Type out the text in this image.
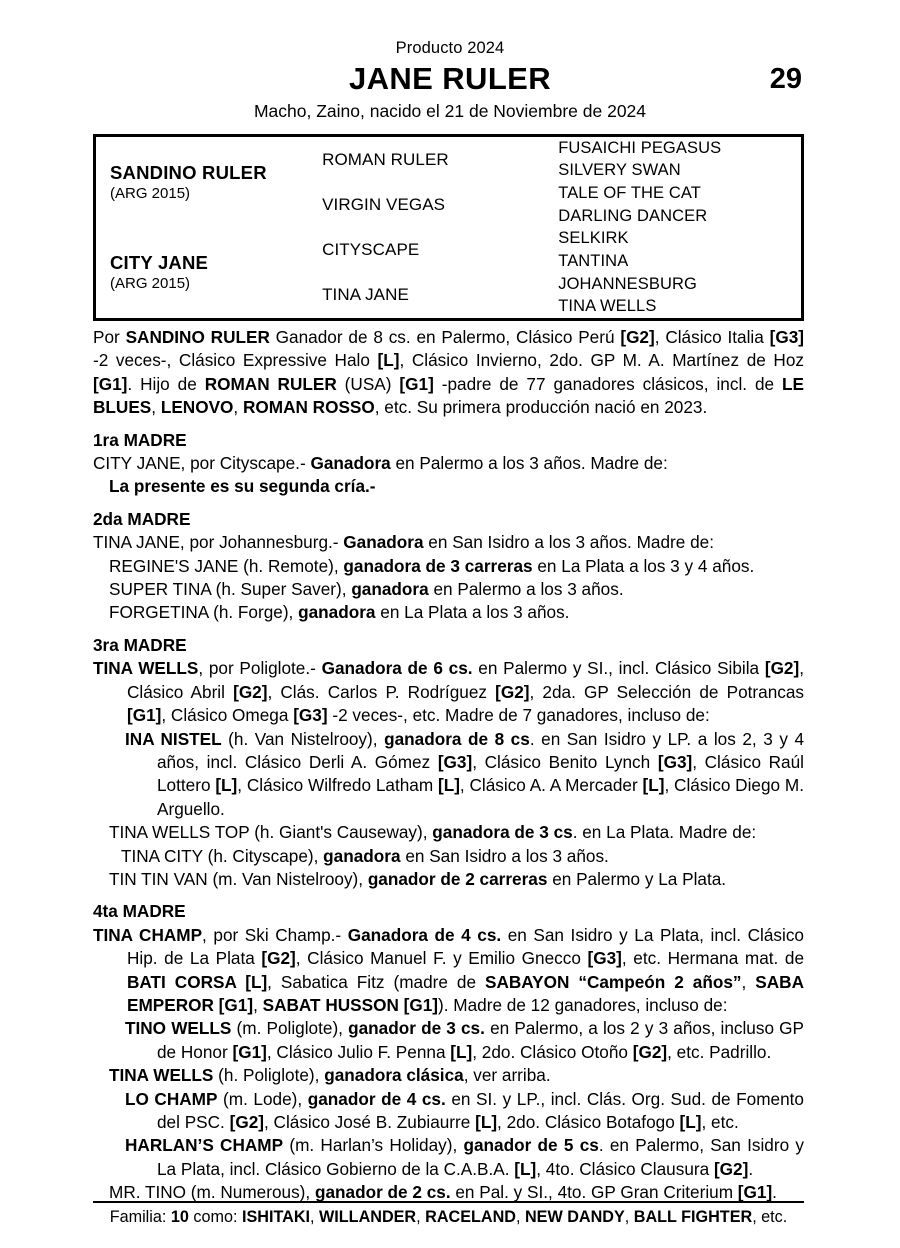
Producto 2024
JANE RULER	29
Macho, Zaino, nacido el 21 de Noviembre de 2024
SANDINO RULER
(ARG 2015)
CITY JANE
(ARG 2015)
ROMAN RULER
VIRGIN VEGAS
CITYSCAPE
TINA JANE
FUSAICHI PEGASUS
SILVERY SWAN
TALE OF THE CAT
DARLING DANCER
SELKIRK
TANTINA
JOHANNESBURG
TINA WELLS
Por SANDINO RULER Ganador de 8 cs. en Palermo, Clásico Perú [G2], Clásico Italia [G3] -2 veces-, Clásico Expressive Halo [L], Clásico Invierno, 2do. GP M. A. Martínez de Hoz [G1]. Hijo de ROMAN RULER (USA) [G1] -padre de 77 ganadores clásicos, incl. de LE BLUES, LENOVO, ROMAN ROSSO, etc. Su primera producción nació en 2023.
1ra MADRE
CITY JANE, por Cityscape.- Ganadora en Palermo a los 3 años. Madre de:
La presente es su segunda cría.-
2da MADRE
TINA JANE, por Johannesburg.- Ganadora en San Isidro a los 3 años. Madre de:
REGINE'S JANE (h. Remote), ganadora de 3 carreras en La Plata a los 3 y 4 años.
SUPER TINA (h. Super Saver), ganadora en Palermo a los 3 años.
FORGETINA (h. Forge), ganadora en La Plata a los 3 años.
3ra MADRE
TINA WELLS, por Poliglote.- Ganadora de 6 cs. en Palermo y SI., incl. Clásico Sibila [G2], Clásico Abril [G2], Clás. Carlos P. Rodríguez [G2], 2da. GP Selección de Potrancas [G1], Clásico Omega [G3] -2 veces-, etc. Madre de 7 ganadores, incluso de:
INA NISTEL (h. Van Nistelrooy), ganadora de 8 cs. en San Isidro y LP. a los 2, 3 y 4 años, incl. Clásico Derli A. Gómez [G3], Clásico Benito Lynch [G3], Clásico Raúl Lottero [L], Clásico Wilfredo Latham [L], Clásico A. A Mercader [L], Clásico Diego M. Arguello.
TINA WELLS TOP (h. Giant's Causeway), ganadora de 3 cs. en La Plata. Madre de:
TINA CITY (h. Cityscape), ganadora en San Isidro a los 3 años.
TIN TIN VAN (m. Van Nistelrooy), ganador de 2 carreras en Palermo y La Plata.
4ta MADRE
TINA CHAMP, por Ski Champ.- Ganadora de 4 cs. en San Isidro y La Plata, incl. Clásico Hip. de La Plata [G2], Clásico Manuel F. y Emilio Gnecco [G3], etc. Hermana mat. de BATI CORSA [L], Sabatica Fitz (madre de SABAYON “Campeón 2 años”, SABA EMPEROR [G1], SABAT HUSSON [G1]). Madre de 12 ganadores, incluso de:
TINO WELLS (m. Poliglote), ganador de 3 cs. en Palermo, a los 2 y 3 años, incluso GP de Honor [G1], Clásico Julio F. Penna [L], 2do. Clásico Otoño [G2], etc. Padrillo.
TINA WELLS (h. Poliglote), ganadora clásica, ver arriba.
LO CHAMP (m. Lode), ganador de 4 cs. en SI. y LP., incl. Clás. Org. Sud. de Fomento del PSC. [G2], Clásico José B. Zubiaurre [L], 2do. Clásico Botafogo [L], etc.
HARLAN’S CHAMP (m. Harlan’s Holiday), ganador de 5 cs. en Palermo, San Isidro y La Plata, incl. Clásico Gobierno de la C.A.B.A. [L], 4to. Clásico Clausura [G2].
MR. TINO (m. Numerous), ganador de 2 cs. en Pal. y SI., 4to. GP Gran Criterium [G1].
Familia: 10 como: ISHITAKI, WILLANDER, RACELAND, NEW DANDY, BALL FIGHTER, etc.
